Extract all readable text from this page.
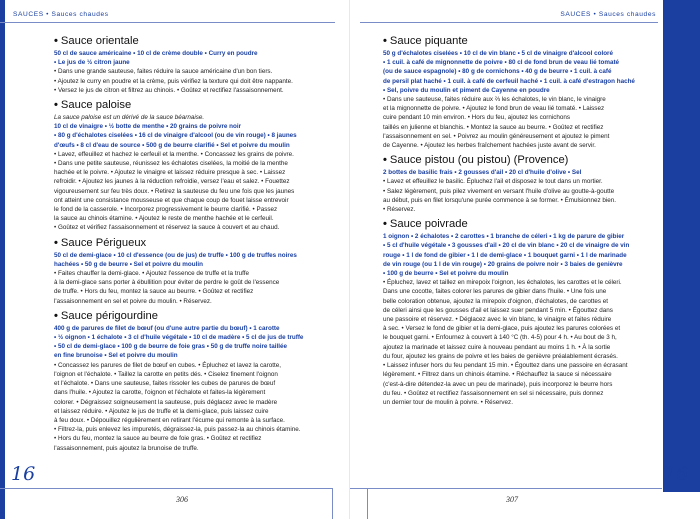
SAUCES • Sauces chaudes
• Sauce orientale
50 cl de sauce américaine • 10 cl de crème double • Curry en poudre
• Le jus de ½ citron jaune
• Dans une grande sauteuse, faites réduire la sauce américaine d'un bon tiers.
• Ajoutez le curry en poudre et la crème, puis vérifiez la texture qui doit être nappante.
• Versez le jus de citron et filtrez au chinois. • Goûtez et rectifiez l'assaisonnement.
• Sauce paloise
La sauce paloise est un dérivé de la sauce béarnaise.
10 cl de vinaigre • ½ botte de menthe • 20 grains de poivre noir
• 80 g d'échalotes ciselées • 16 cl de vinaigre d'alcool (ou de vin rouge) • 8 jaunes
d'œufs • 8 cl d'eau de source • 500 g de beurre clarifié • Sel et poivre du moulin
• Lavez, effeuillez et hachez le cerfeuil et la menthe. • Concassez les grains de poivre.
• Dans une petite sauteuse, réunissez les échalotes ciselées, la moitié de la menthe
hachée et le poivre. • Ajoutez le vinaigre et laissez réduire presque à sec. • Laissez
refroidir. • Ajoutez les jaunes à la réduction refroidie, versez l'eau et salez. • Fouettez
vigoureusement sur feu très doux. • Retirez la sauteuse du feu une fois que les jaunes
ont atteint une consistance mousseuse et que chaque coup de fouet laisse entrevoir
le fond de la casserole. • Incorporez progressivement le beurre clarifié. • Passez
la sauce au chinois étamine. • Ajoutez le reste de menthe hachée et le cerfeuil.
• Goûtez et vérifiez l'assaisonnement et réservez la sauce à couvert et au chaud.
• Sauce Périgueux
50 cl de demi-glace • 10 cl d'essence (ou de jus) de truffe • 100 g de truffes noires
hachées • 50 g de beurre • Sel et poivre du moulin
• Faites chauffer la demi-glace. • Ajoutez l'essence de truffe et la truffe
à la demi-glace sans porter à ébullition pour éviter de perdre le goût de l'essence
de truffe. • Hors du feu, montez la sauce au beurre. • Goûtez et rectifiez
l'assaisonnement en sel et poivre du moulin. • Réservez.
• Sauce périgourdine
400 g de parures de filet de bœuf (ou d'une autre partie du bœuf) • 1 carotte
• ½ oignon • 1 échalote • 3 cl d'huile végétale • 10 cl de madère • 5 cl de jus de truffe
• 50 cl de demi-glace • 100 g de beurre de foie gras • 50 g de truffe noire taillée
en fine brunoise • Sel et poivre du moulin
• Concassez les parures de filet de bœuf en cubes. • Épluchez et lavez la carotte,
l'oignon et l'échalote. • Taillez la carotte en petits dés. • Ciselez finement l'oignon
et l'échalote. • Dans une sauteuse, faites rissoler les cubes de parures de bœuf
dans l'huile. • Ajoutez la carotte, l'oignon et l'échalote et faites-la légèrement
colorer. • Dégraissez soigneusement la sauteuse, puis déglacez avec le madère
et laissez réduire. • Ajoutez le jus de truffe et la demi-glace, puis laissez cuire
à feu doux. • Dépouillez régulièrement en retirant l'écume qui remonte à la surface.
• Filtrez-la, puis enlevez les impuretés, dégraissez-la, puis passez-la au chinois étamine.
• Hors du feu, montez la sauce au beurre de foie gras. • Goûtez et rectifiez
l'assaisonnement, puis ajoutez la brunoise de truffe.
SAUCES • Sauces chaudes
• Sauce piquante
50 g d'échalotes ciselées • 10 cl de vin blanc • 5 cl de vinaigre d'alcool coloré
• 1 cuil. à café de mignonnette de poivre • 80 cl de fond brun de veau lié tomaté
(ou de sauce espagnole) • 80 g de cornichons • 40 g de beurre • 1 cuil. à café
de persil plat haché • 1 cuil. à café de cerfeuil haché • 1 cuil. à café d'estragon haché
• Sel, poivre du moulin et piment de Cayenne en poudre
• Dans une sauteuse, faites réduire aux ⅔ les échalotes, le vin blanc, le vinaigre
et la mignonnette de poivre. • Ajoutez le fond brun de veau lié tomaté. • Laissez
cuire pendant 10 min environ. • Hors du feu, ajoutez les cornichons
taillés en julienne et blanchis. • Montez la sauce au beurre. • Goûtez et rectifiez
l'assaisonnement en sel. • Poivrez au moulin généreusement et ajoutez le piment
de Cayenne. • Ajoutez les herbes fraîchement hachées juste avant de servir.
• Sauce pistou (ou pistou) (Provence)
2 bottes de basilic frais • 2 gousses d'ail • 20 cl d'huile d'olive • Sel
• Lavez et effeuillez le basilic. Épluchez l'ail et disposez le tout dans un mortier.
• Salez légèrement, puis pilez vivement en versant l'huile d'olive au goutte-à-goutte
au début, puis en filet lorsqu'une purée commence à se former. • Émulsionnez bien.
• Réservez.
• Sauce poivrade
1 oignon • 2 échalotes • 2 carottes • 1 branche de céleri • 1 kg de parure de gibier
• 5 cl d'huile végétale • 3 gousses d'ail • 20 cl de vin blanc • 20 cl de vinaigre de vin
rouge • 1 l de fond de gibier • 1 l de demi-glace • 1 bouquet garni • 1 l de marinade
de vin rouge (ou 1 l de vin rouge) • 20 grains de poivre noir • 3 baies de genièvre
• 100 g de beurre • Sel et poivre du moulin
• Épluchez, lavez et taillez en mirepoix l'oignon, les échalotes, les carottes et le céleri.
Dans une cocotte, faites colorer les parures de gibier dans l'huile. • Une fois une
belle coloration obtenue, ajoutez la mirepoix d'oignon, d'échalotes, de carottes et
de céleri ainsi que les gousses d'ail et laissez suer pendant 5 min. • Égouttez dans
une passoire et réservez. • Déglacez avec le vin blanc, le vinaigre et faites réduire
à sec. • Versez le fond de gibier et la demi-glace, puis ajoutez les parures colorées et
le bouquet garni. • Enfournez à couvert à 140 °C (th. 4-5) pour 4 h. • Au bout de 3 h,
ajoutez la marinade et laissez cuire à nouveau pendant au moins 1 h. • À la sortie
du four, ajoutez les grains de poivre et les baies de genièvre préalablement écrasés.
• Laissez infuser hors du feu pendant 15 min. • Égouttez dans une passoire en écrasant
légèrement. • Filtrez dans un chinois étamine. • Réchauffez la sauce si nécessaire
(c'est-à-dire détendez-la avec un peu de marinade), puis incorporez le beurre hors
du feu. • Goûtez et rectifiez l'assaisonnement en sel si nécessaire, puis donnez
un dernier tour de moulin à poivre. • Réservez.
16	16
306	307
